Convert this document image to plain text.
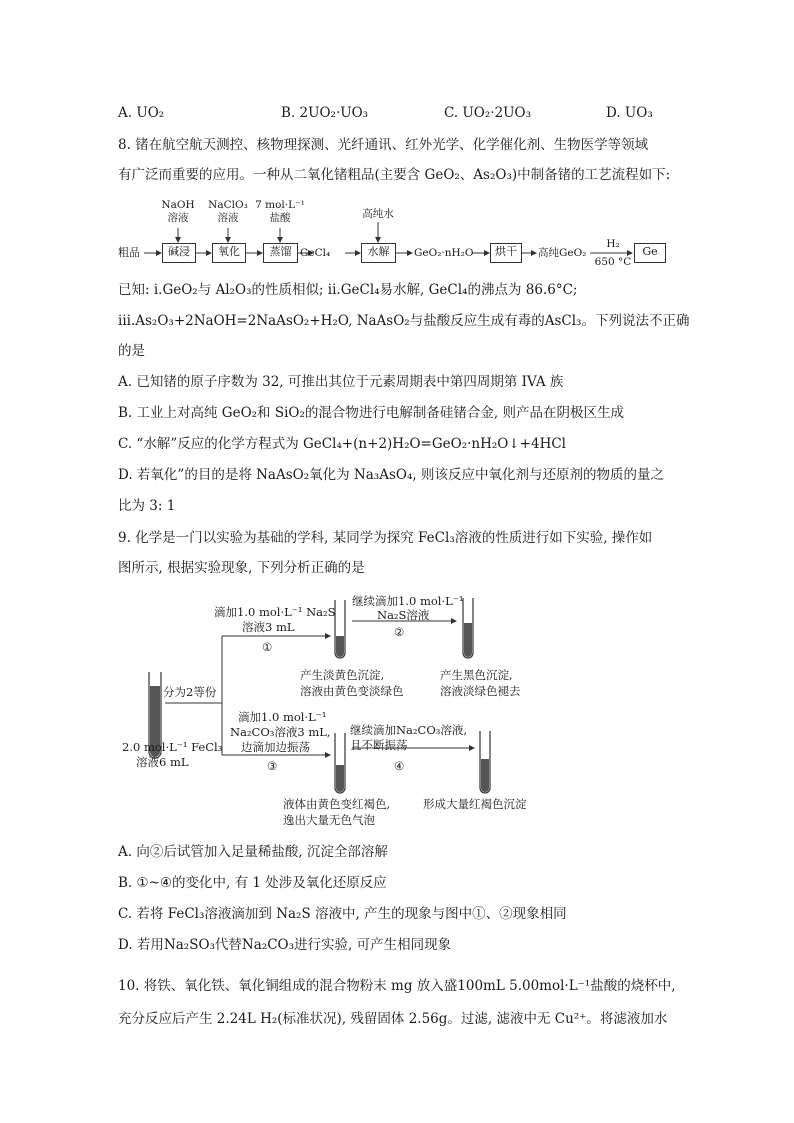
A. UO₂	B. 2UO₂·UO₃	C. UO₂·2UO₃	D. UO₃
8. 锗在航空航天测控、核物理探测、光纤通讯、红外光学、化学催化剂、生物医学等领域
有广泛而重要的应用。一种从二氧化锗粗品(主要含 GeO₂、As₂O₃)中制备锗的工艺流程如下:
NaOH
溶液
NaClO₃
溶液
7 mol·L⁻¹
盐酸	高纯水
粗品	碱浸	氧化	蒸馏 GeCl₄	水解	GeO₂·nH₂O	烘干	高纯GeO₂
H₂
650 °C
Ge
已知: i.GeO₂与 Al₂O₃的性质相似; ii.GeCl₄易水解, GeCl₄的沸点为 86.6°C;
iii.As₂O₃+2NaOH=2NaAsO₂+H₂O, NaAsO₂与盐酸反应生成有毒的AsCl₃。下列说法不正确
的是
A. 已知锗的原子序数为 32, 可推出其位于元素周期表中第四周期第 IVA 族
B. 工业上对高纯 GeO₂和 SiO₂的混合物进行电解制备硅锗合金, 则产品在阴极区生成
C. “水解”反应的化学方程式为 GeCl₄+(n+2)H₂O=GeO₂·nH₂O↓+4HCl
D. 若氧化”的目的是将 NaAsO₂氧化为 Na₃AsO₄, 则该反应中氧化剂与还原剂的物质的量之
比为 3: 1
9. 化学是一门以实验为基础的学科, 某同学为探究 FeCl₃溶液的性质进行如下实验, 操作如
图所示, 根据实验现象, 下列分析正确的是
滴加1.0 mol·L⁻¹ Na₂S
溶液3 mL
①
继续滴加1.0 mol·L⁻¹
Na₂S溶液
②
产生淡黄色沉淀,
溶液由黄色变淡绿色
产生黑色沉淀,
溶液淡绿色褪去
分为2等份
2.0 mol·L⁻¹ FeCl₃
溶液6 mL
滴加1.0 mol·L⁻¹
Na₂CO₃溶液3 mL,
边滴加边振荡
③
继续滴加Na₂CO₃溶液,
且不断振荡
④
液体由黄色变红褐色,
逸出大量无色气泡
形成大量红褐色沉淀
A. 向②后试管加入足量稀盐酸, 沉淀全部溶解
B. ①~④的变化中, 有 1 处涉及氧化还原反应
C. 若将 FeCl₃溶液滴加到 Na₂S 溶液中, 产生的现象与图中①、②现象相同
D. 若用Na₂SO₃代替Na₂CO₃进行实验, 可产生相同现象
10. 将铁、氧化铁、氧化铜组成的混合物粉末 mg 放入盛100mL 5.00mol·L⁻¹盐酸的烧杯中,
充分反应后产生 2.24L H₂(标准状况), 残留固体 2.56g。过滤, 滤液中无 Cu²⁺。将滤液加水
